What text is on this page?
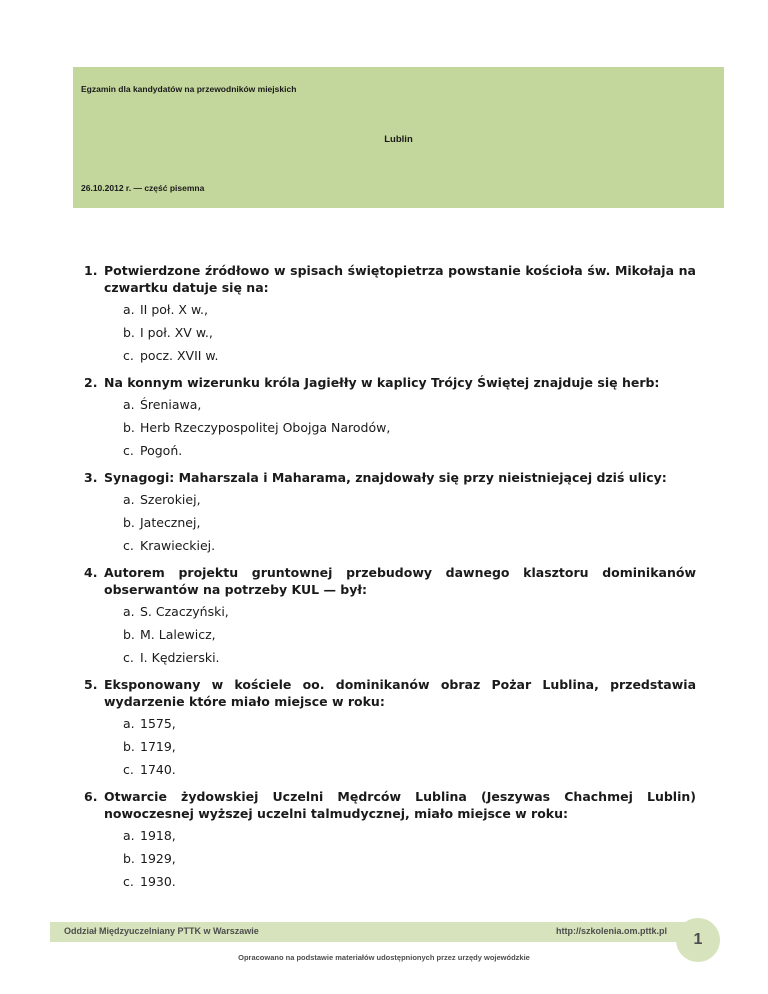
Egzamin dla kandydatów na przewodników miejskich
Lublin
26.10.2012 r. — część pisemna
1. Potwierdzone źródłowo w spisach świętopietrza powstanie kościoła św. Mikołaja na czwartku datuje się na:
a. II poł. X w.,
b. I poł. XV w.,
c. pocz. XVII w.
2. Na konnym wizerunku króla Jagiełły w kaplicy Trójcy Świętej znajduje się herb:
a. Śreniawa,
b. Herb Rzeczypospolitej Obojga Narodów,
c. Pogoń.
3. Synagogi: Maharszala i Maharama, znajdowały się przy nieistniejącej dziś ulicy:
a. Szerokiej,
b. Jatecznej,
c. Krawieckiej.
4. Autorem projektu gruntownej przebudowy dawnego klasztoru dominikanów obserwantów na potrzeby KUL — był:
a. S. Czaczyński,
b. M. Lalewicz,
c. I. Kędzierski.
5. Eksponowany w kościele oo. dominikanów obraz Pożar Lublina, przedstawia wydarzenie które miało miejsce w roku:
a. 1575,
b. 1719,
c. 1740.
6. Otwarcie żydowskiej Uczelni Mędrców Lublina (Jeszywas Chachmej Lublin) nowoczesnej wyższej uczelni talmudycznej, miało miejsce w roku:
a. 1918,
b. 1929,
c. 1930.
Oddział Międzyuczelniany PTTK w Warszawie	http://szkolenia.om.pttk.pl	1
Opracowano na podstawie materiałów udostępnionych przez urzędy wojewódzkie
